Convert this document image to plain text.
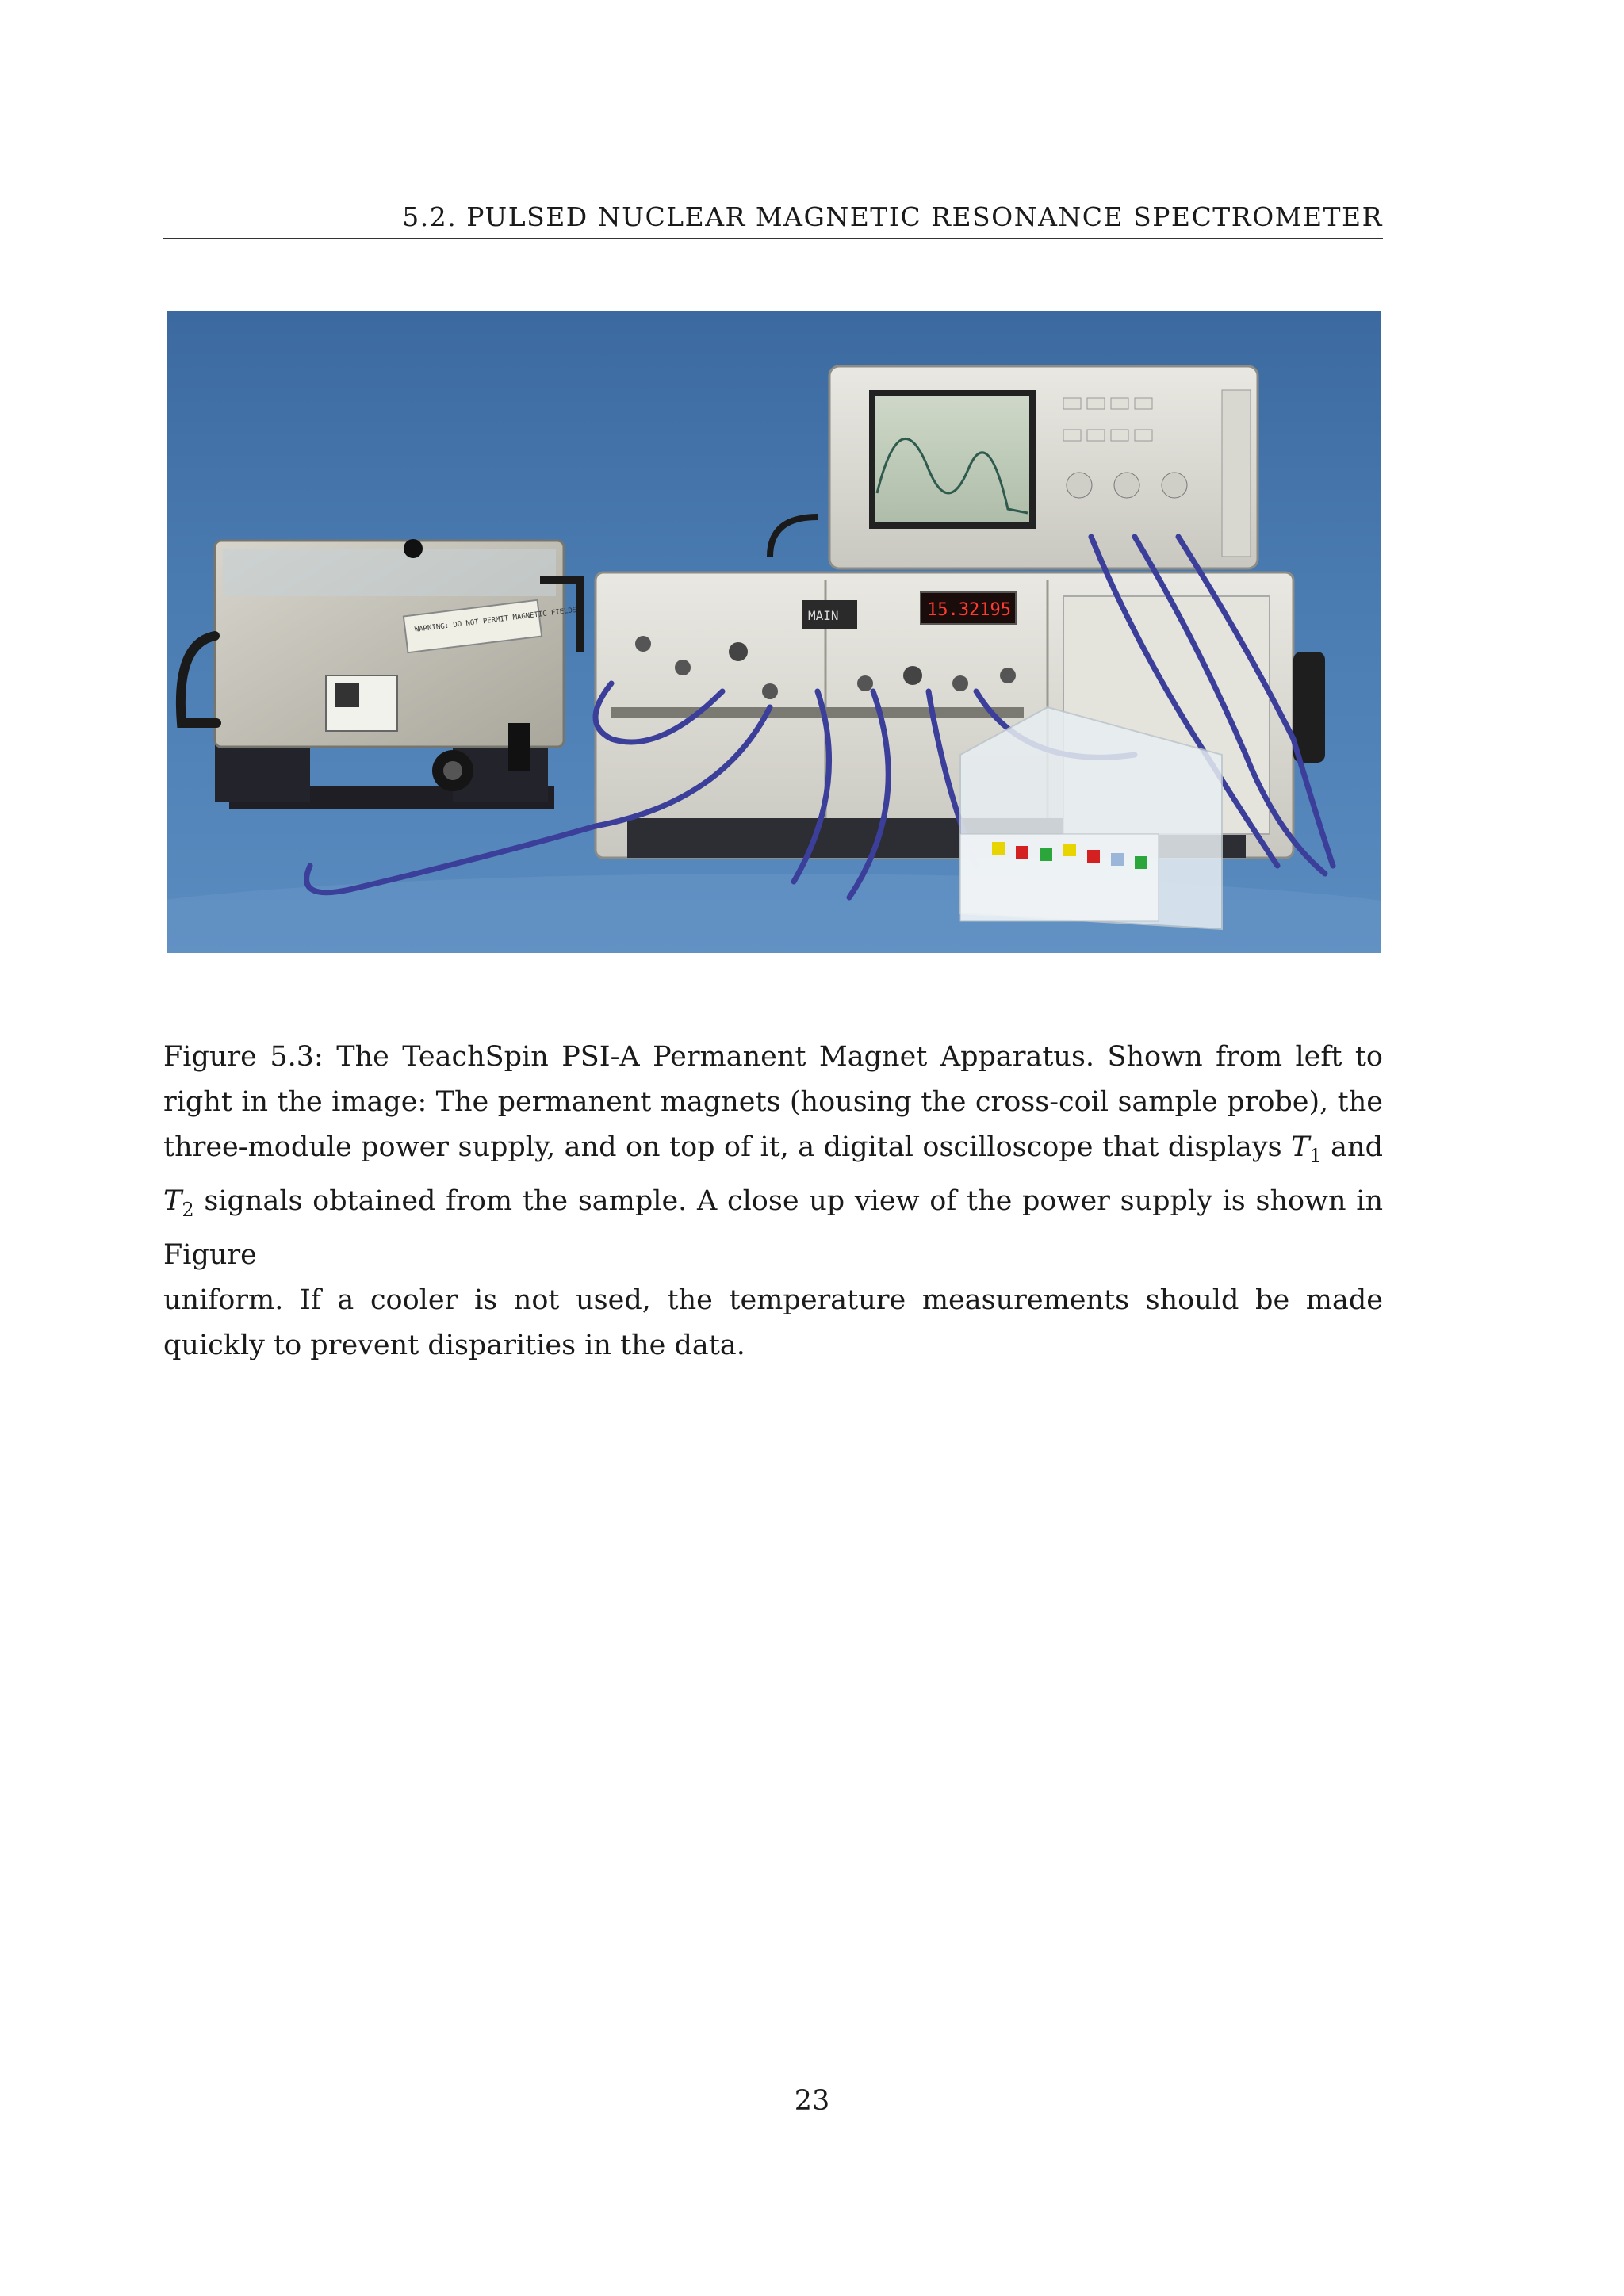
5.2. PULSED NUCLEAR MAGNETIC RESONANCE SPECTROMETER
WARNING: DO NOT PERMIT MAGNETIC FIELDS	MAIN	15.32195
Figure 5.3: The TeachSpin PSI-A Permanent Magnet Apparatus. Shown from left to right in the image: The permanent magnets (housing the cross-coil sample probe), the three-module power supply, and on top of it, a digital oscilloscope that displays $T_1$ and $T_2$ signals obtained from the sample. A close up view of the power supply is shown in Figure
uniform. If a cooler is not used, the temperature measurements should be made quickly to prevent disparities in the data.
23
